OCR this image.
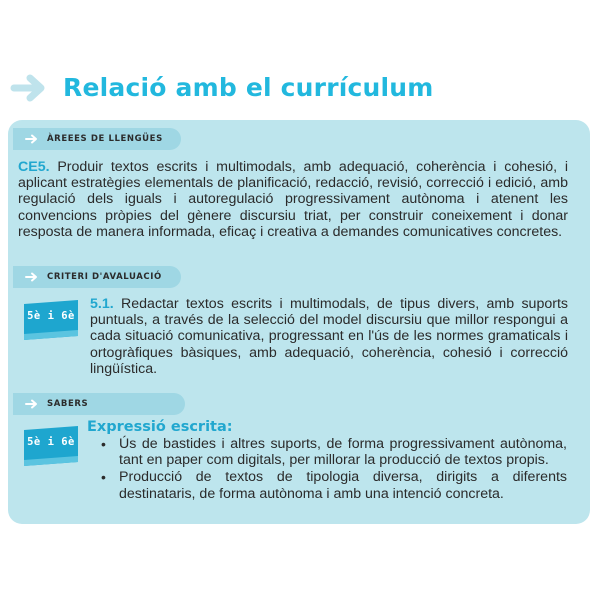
Relació amb el currículum
ÀREEES DE LLENGÜES
CE5. Produir textos escrits i multimodals, amb adequació, coherència i cohesió, i aplicant estratègies elementals de planificació, redacció, revisió, correcció i edició, amb regulació dels iguals i autoregulació progressivament autònoma i atenent les convencions pròpies del gènere discursiu triat, per construir coneixement i donar resposta de manera informada, eficaç i creativa a demandes comunicatives concretes.
CRITERI D'AVALUACIÓ
5è i 6è
5.1. Redactar textos escrits i multimodals, de tipus divers, amb suports puntuals, a través de la selecció del model discursiu que millor respongui a cada situació comunicativa, progressant en l'ús de les normes gramaticals i ortogràfiques bàsiques, amb adequació, coherència, cohesió i correcció lingüística.
SABERS
5è i 6è
Expressió escrita:
• Ús de bastides i altres suports, de forma progressivament autònoma, tant en paper com digitals, per millorar la producció de textos propis.
• Producció de textos de tipologia diversa, dirigits a diferents destinataris, de forma autònoma i amb una intenció concreta.
